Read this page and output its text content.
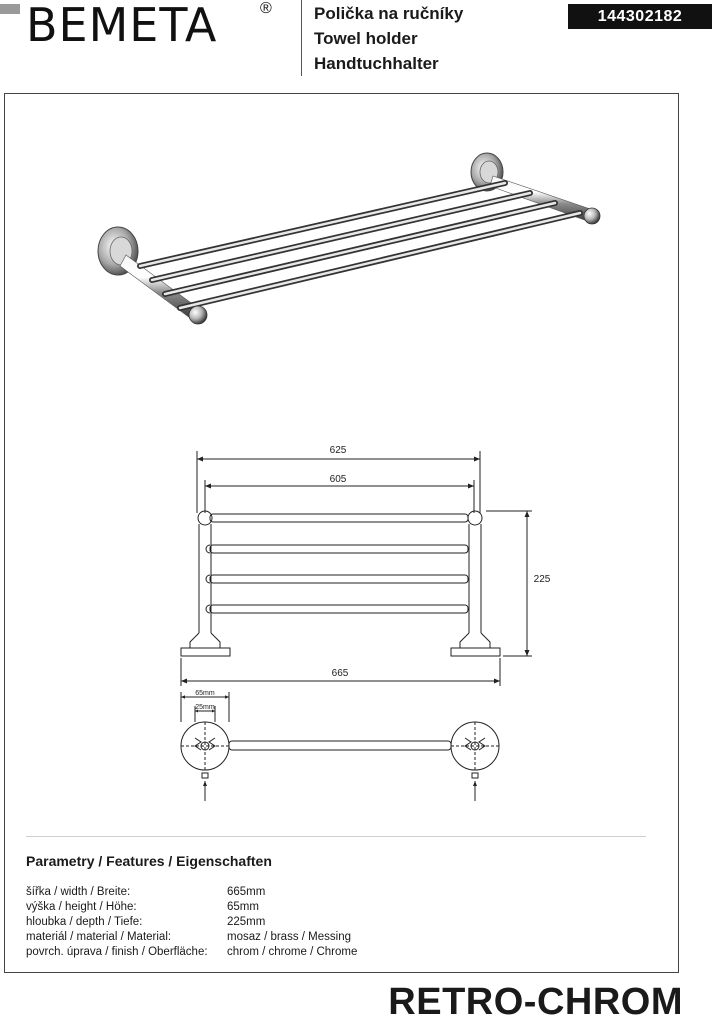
BEMETA	® Polička na ručníky
Towel holder
Handtuchhalter
144302182
625
605
225
665
65mm
25mm
Parametry / Features / Eigenschaften
šířka / width / Breite:	665mm
výška / height / Höhe:	65mm
hloubka / depth / Tiefe:	225mm
materiál / material / Material:	mosaz / brass / Messing
povrch. úprava / finish / Oberfläche: chrom / chrome / Chrome
RETRO-CHROM
